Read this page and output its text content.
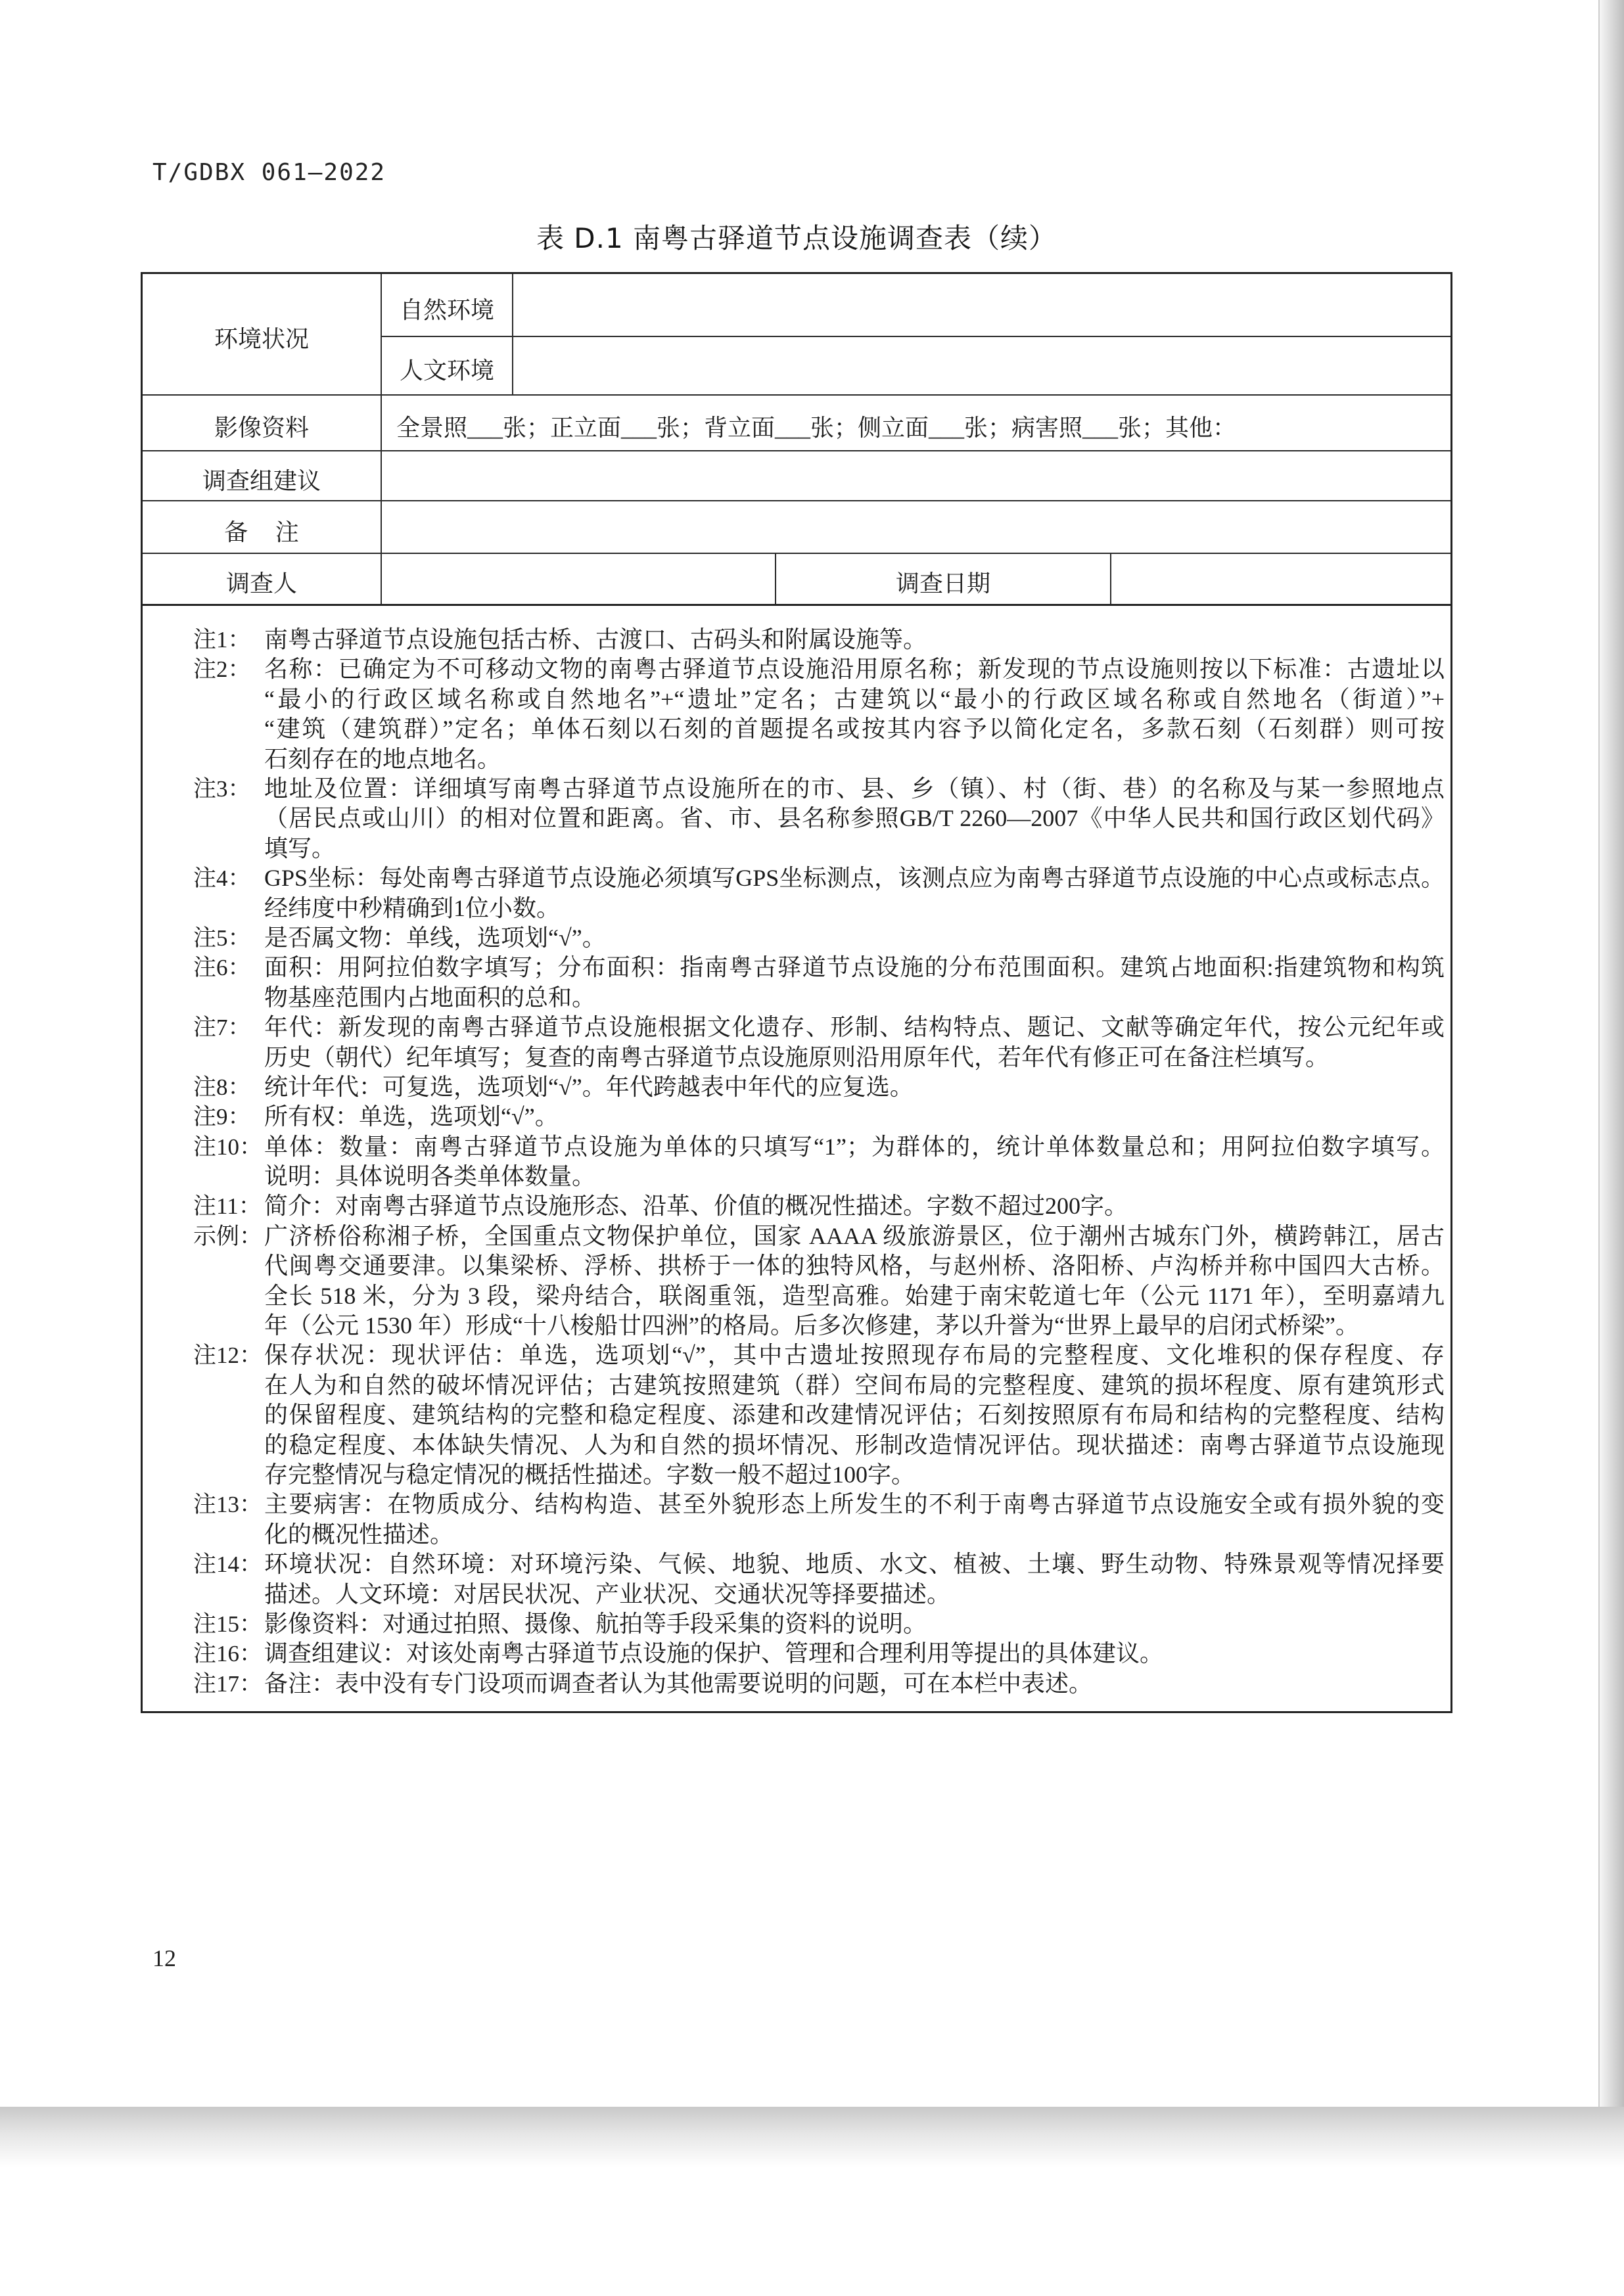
T/GDBX 061—2022
表 D.1 南粤古驿道节点设施调查表（续）
环境状况
自然环境
人文环境
影像资料	全景照___张；正立面___张；背立面___张；侧立面___张；病害照___张；其他：
调查组建议
备 注
调查人	调查日期
注1： 南粤古驿道节点设施包括古桥、古渡口、古码头和附属设施等。
注2： 名称：已确定为不可移动文物的南粤古驿道节点设施沿用原名称；新发现的节点设施则按以下标准：古遗址以
“最小的行政区域名称或自然地名”+“遗址”定名；古建筑以“最小的行政区域名称或自然地名（街道）”+
“建筑（建筑群）”定名；单体石刻以石刻的首题提名或按其内容予以简化定名，多款石刻（石刻群）则可按
石刻存在的地点地名。
注3： 地址及位置：详细填写南粤古驿道节点设施所在的市、县、乡（镇）、村（街、巷）的名称及与某一参照地点
（居民点或山川）的相对位置和距离。省、市、县名称参照GB/T 2260—2007《中华人民共和国行政区划代码》
填写。
注4： GPS坐标：每处南粤古驿道节点设施必须填写GPS坐标测点，该测点应为南粤古驿道节点设施的中心点或标志点。
经纬度中秒精确到1位小数。
注5： 是否属文物：单线，选项划“√”。
注6： 面积：用阿拉伯数字填写；分布面积：指南粤古驿道节点设施的分布范围面积。建筑占地面积:指建筑物和构筑
物基座范围内占地面积的总和。
注7： 年代：新发现的南粤古驿道节点设施根据文化遗存、形制、结构特点、题记、文献等确定年代，按公元纪年或
历史（朝代）纪年填写；复查的南粤古驿道节点设施原则沿用原年代，若年代有修正可在备注栏填写。
注8： 统计年代：可复选，选项划“√”。年代跨越表中年代的应复选。
注9： 所有权：单选，选项划“√”。
注10： 单体：数量：南粤古驿道节点设施为单体的只填写“1”；为群体的，统计单体数量总和；用阿拉伯数字填写。
说明：具体说明各类单体数量。
注11： 简介：对南粤古驿道节点设施形态、沿革、价值的概况性描述。字数不超过200字。
示例： 广济桥俗称湘子桥，全国重点文物保护单位，国家 AAAA 级旅游景区，位于潮州古城东门外，横跨韩江，居古
代闽粤交通要津。以集梁桥、浮桥、拱桥于一体的独特风格，与赵州桥、洛阳桥、卢沟桥并称中国四大古桥。
全长 518 米，分为 3 段，梁舟结合，联阁重瓴，造型高雅。始建于南宋乾道七年（公元 1171 年），至明嘉靖九
年（公元 1530 年）形成“十八梭船廿四洲”的格局。后多次修建，茅以升誉为“世界上最早的启闭式桥梁”。
注12： 保存状况：现状评估：单选，选项划“√”，其中古遗址按照现存布局的完整程度、文化堆积的保存程度、存
在人为和自然的破坏情况评估；古建筑按照建筑（群）空间布局的完整程度、建筑的损坏程度、原有建筑形式
的保留程度、建筑结构的完整和稳定程度、添建和改建情况评估；石刻按照原有布局和结构的完整程度、结构
的稳定程度、本体缺失情况、人为和自然的损坏情况、形制改造情况评估。现状描述：南粤古驿道节点设施现
存完整情况与稳定情况的概括性描述。字数一般不超过100字。
注13： 主要病害：在物质成分、结构构造、甚至外貌形态上所发生的不利于南粤古驿道节点设施安全或有损外貌的变
化的概况性描述。
注14： 环境状况：自然环境：对环境污染、气候、地貌、地质、水文、植被、土壤、野生动物、特殊景观等情况择要
描述。人文环境：对居民状况、产业状况、交通状况等择要描述。
注15： 影像资料：对通过拍照、摄像、航拍等手段采集的资料的说明。
注16： 调查组建议：对该处南粤古驿道节点设施的保护、管理和合理利用等提出的具体建议。
注17： 备注：表中没有专门设项而调查者认为其他需要说明的问题，可在本栏中表述。
12
